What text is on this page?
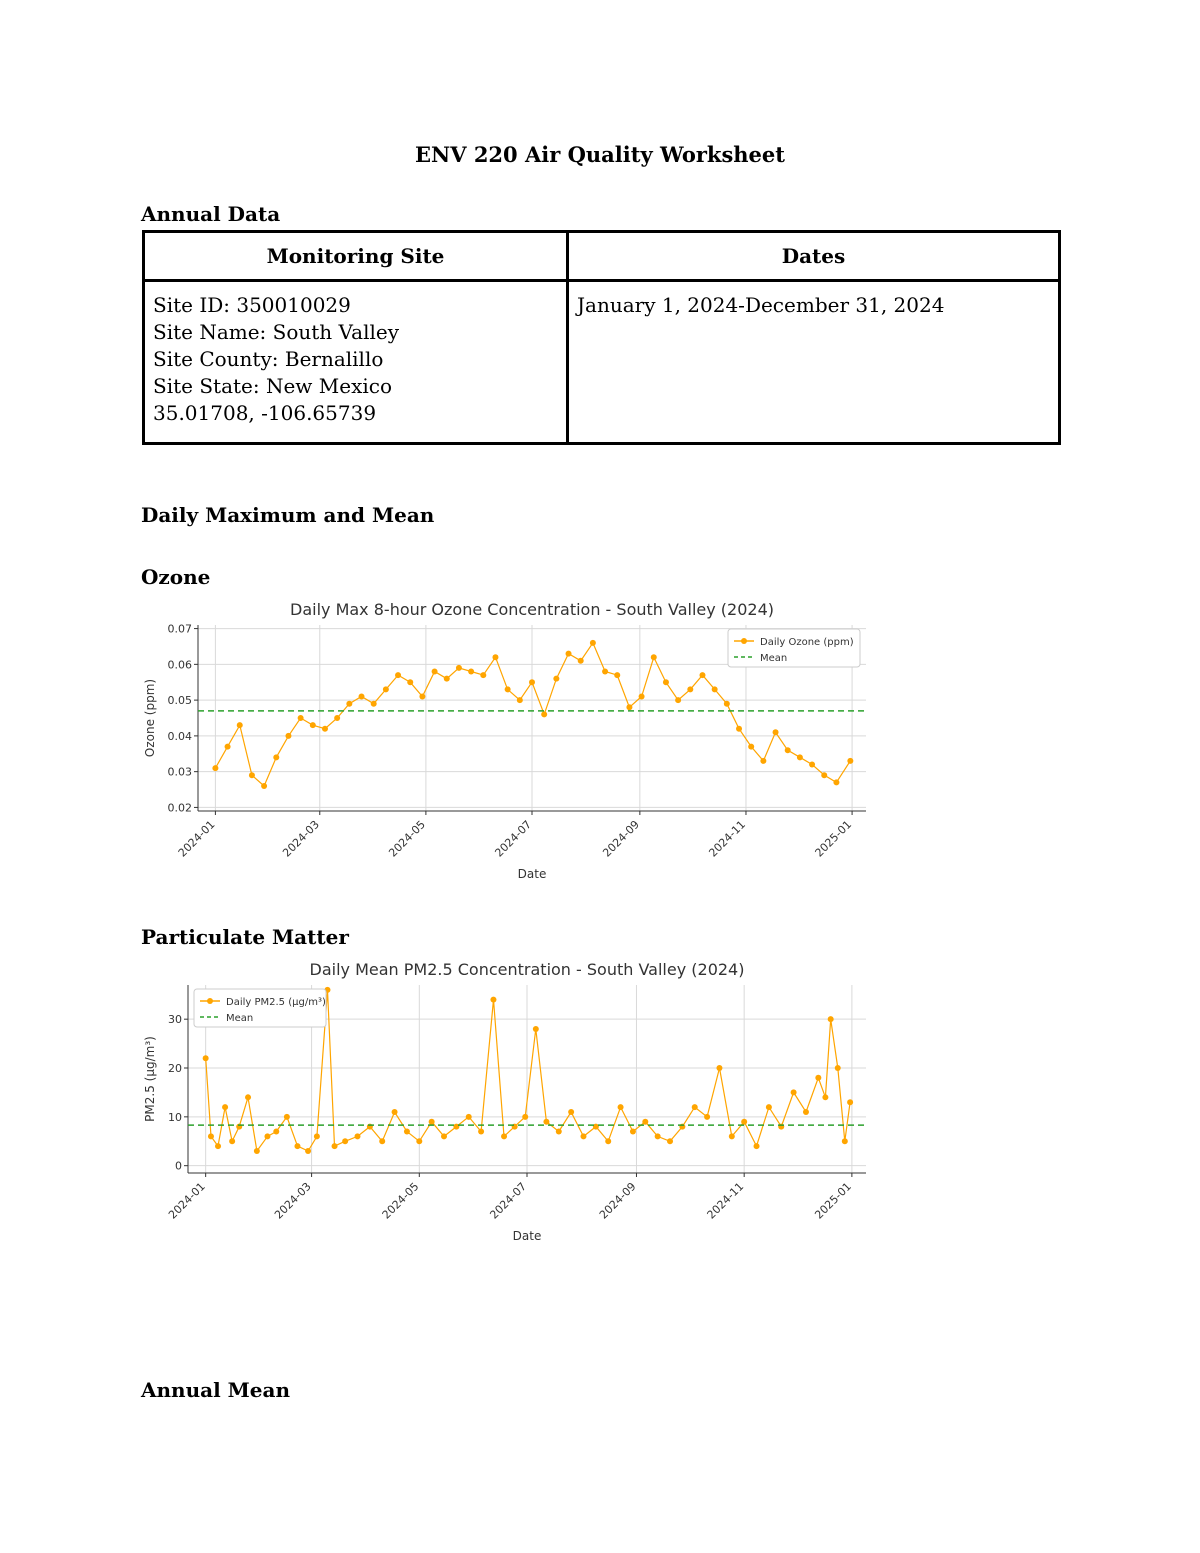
ENV 220 Air Quality Worksheet
Annual Data
Monitoring Site	Dates

Site ID: 350010029
Site Name: South Valley
Site County: Bernalillo
Site State: New Mexico
35.01708, -106.65739	January 1, 2024-December 31, 2024
Daily Maximum and Mean
Ozone
Daily Max 8-hour Ozone Concentration - South Valley (2024)
2024-01	2024-03	2024-05	2024-07	2024-09	2024-11	2025-01
0.02
0.03
0.04
0.05
0.06
0.07
Date
Ozone (ppm)
Daily Ozone (ppm)
Mean
Particulate Matter
Daily Mean PM2.5 Concentration - South Valley (2024)
2024-01	2024-03	2024-05	2024-07	2024-09	2024-11	2025-01
0
10
20
30
Date
PM2.5 (µg/m³)
Daily PM2.5 (µg/m³)
Mean
Annual Mean
